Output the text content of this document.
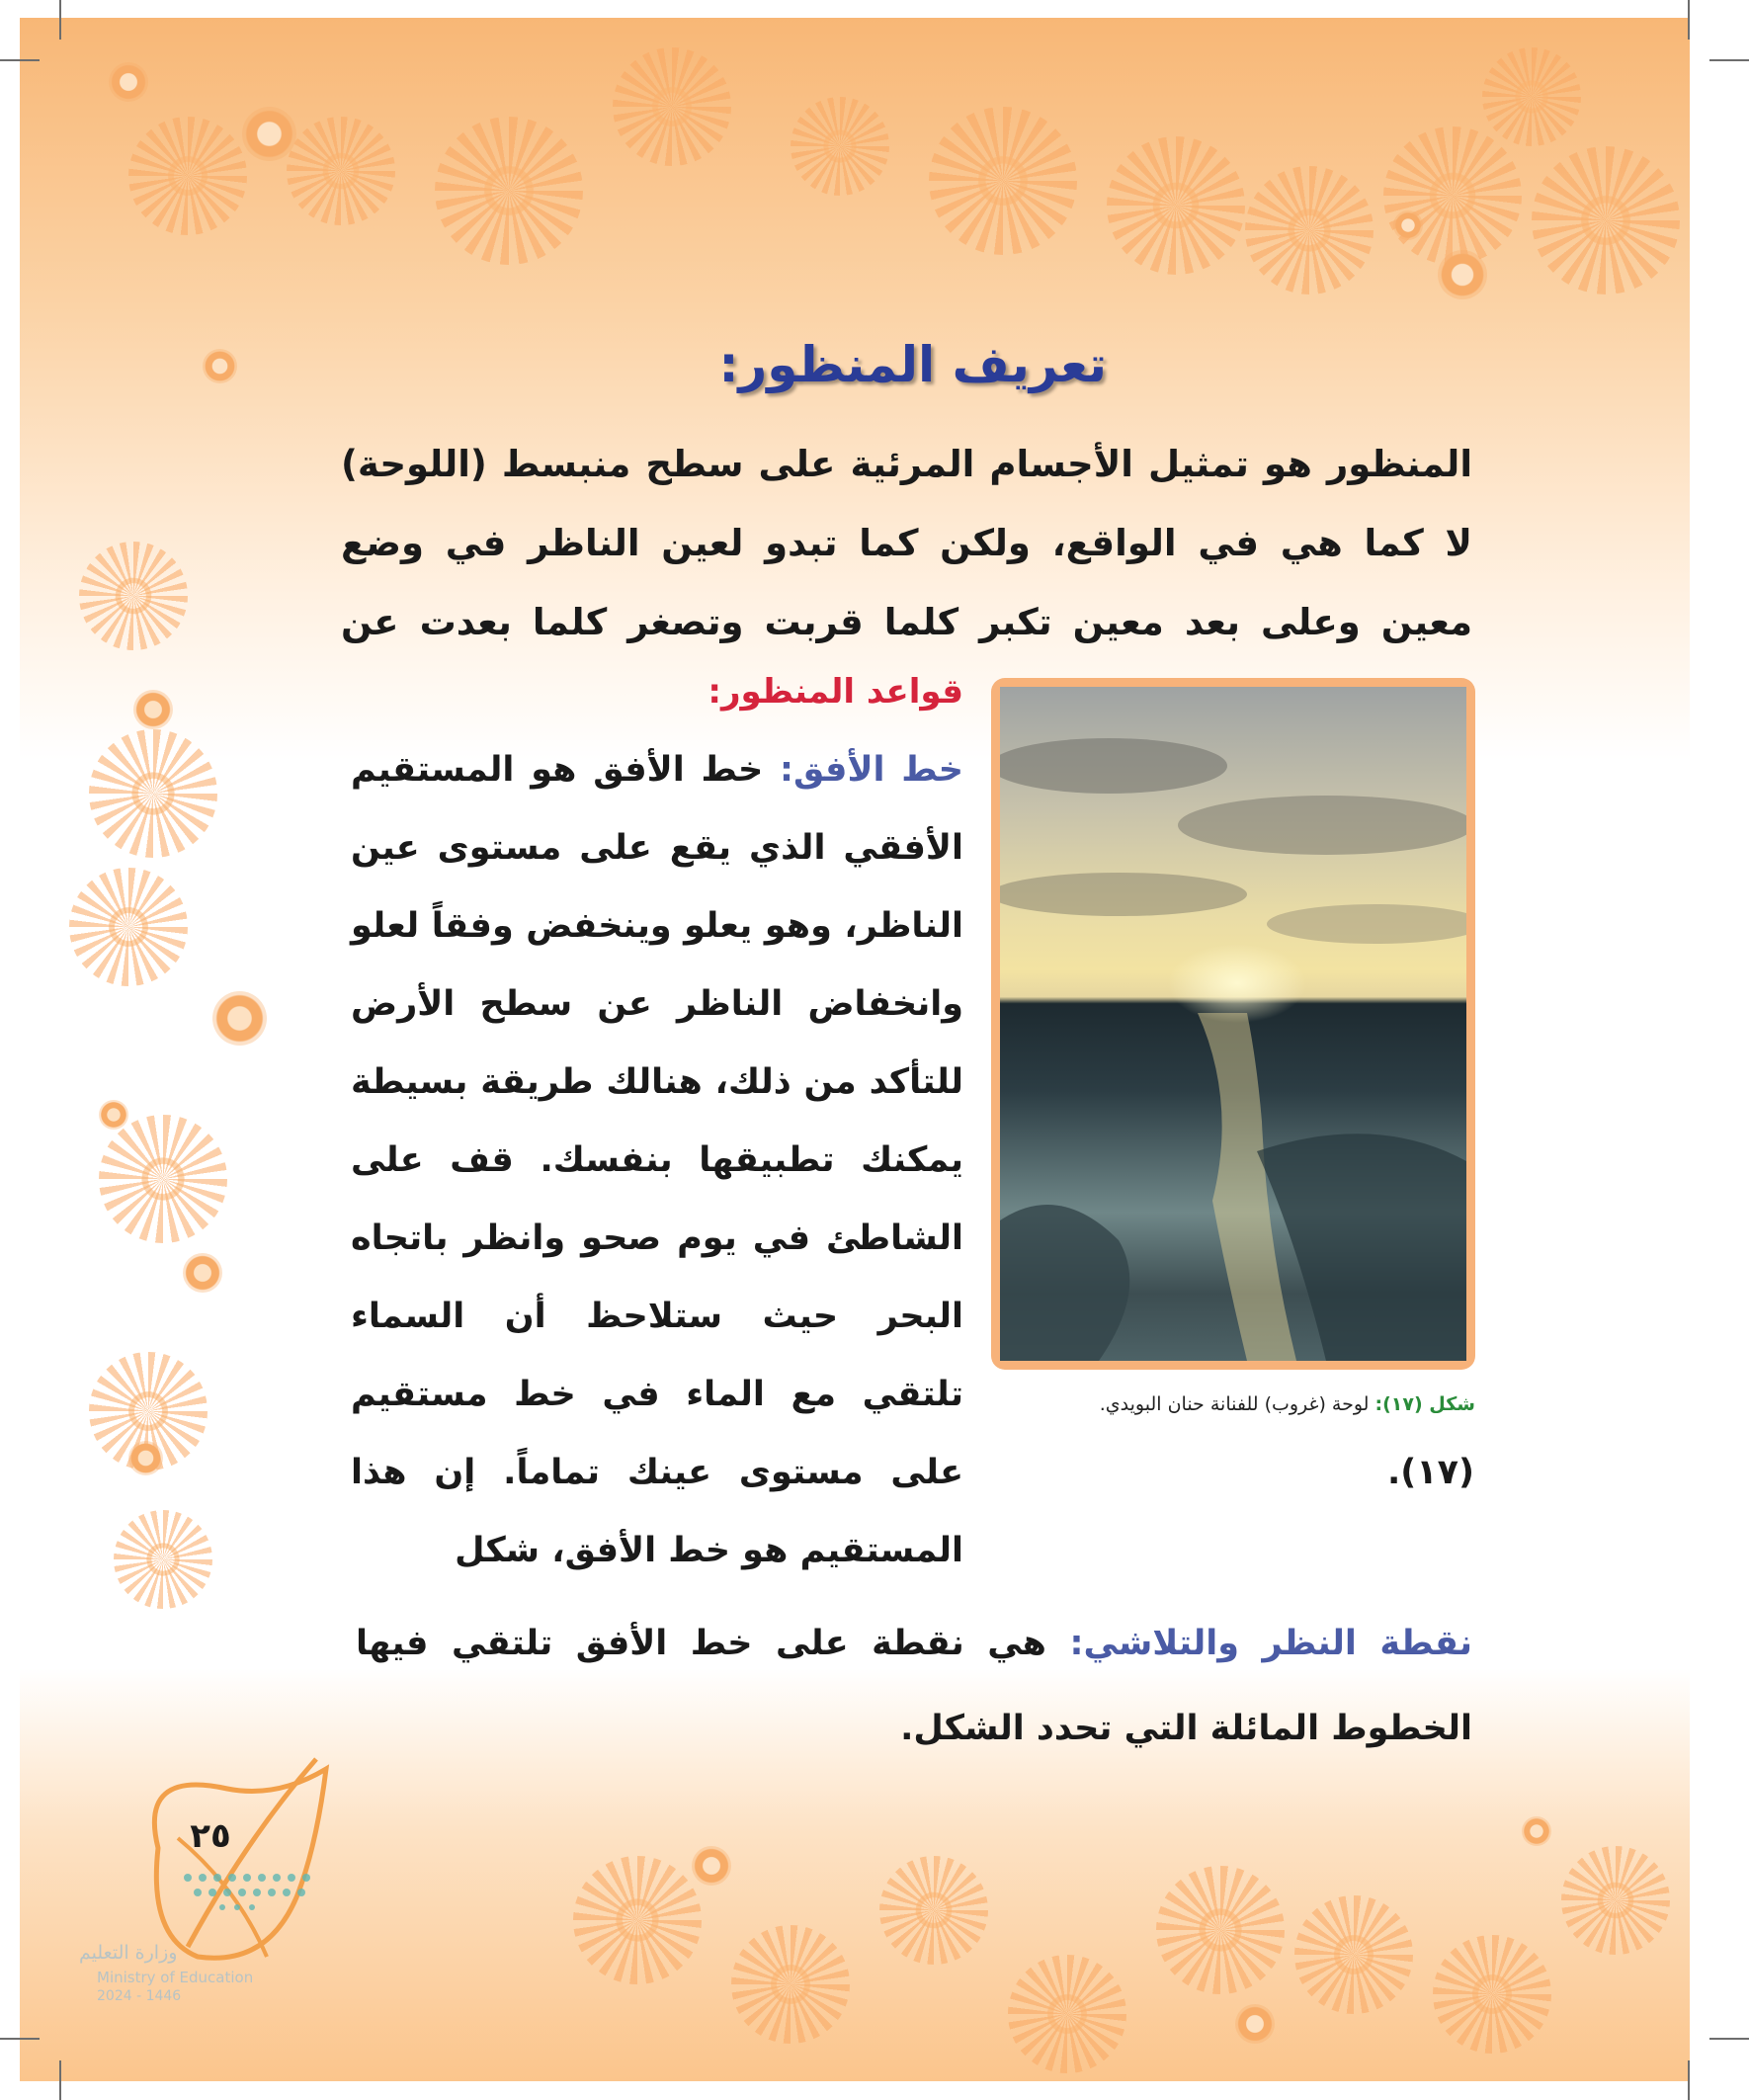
تعريف المنظور:
المنظور هو تمثيل الأجسام المرئية على سطح منبسط (اللوحة) لا كما هي في الواقع، ولكن كما تبدو لعين الناظر في وضع معين وعلى بعد معين تكبر كلما قربت وتصغر كلما بعدت عن
قواعد المنظور:
خط الأفق: خط الأفق هو المستقيم الأفقي الذي يقع على مستوى عين الناظر، وهو يعلو وينخفض وفقاً لعلو وانخفاض الناظر عن سطح الأرض للتأكد من ذلك، هنالك طريقة بسيطة يمكنك تطبيقها بنفسك. قف على الشاطئ في يوم صحو وانظر باتجاه البحر حيث ستلاحظ أن السماء تلتقي مع الماء في خط مستقيم على مستوى عينك تماماً. إن هذا المستقيم هو خط الأفق، شكل
(١٧).
شكل (١٧): لوحة (غروب) للفنانة حنان البويدي.
نقطة النظر والتلاشي: هي نقطة على خط الأفق تلتقي فيها الخطوط المائلة التي تحدد الشكل.
٢٥
وزارة التعليم
Ministry of Education
2024 - 1446
